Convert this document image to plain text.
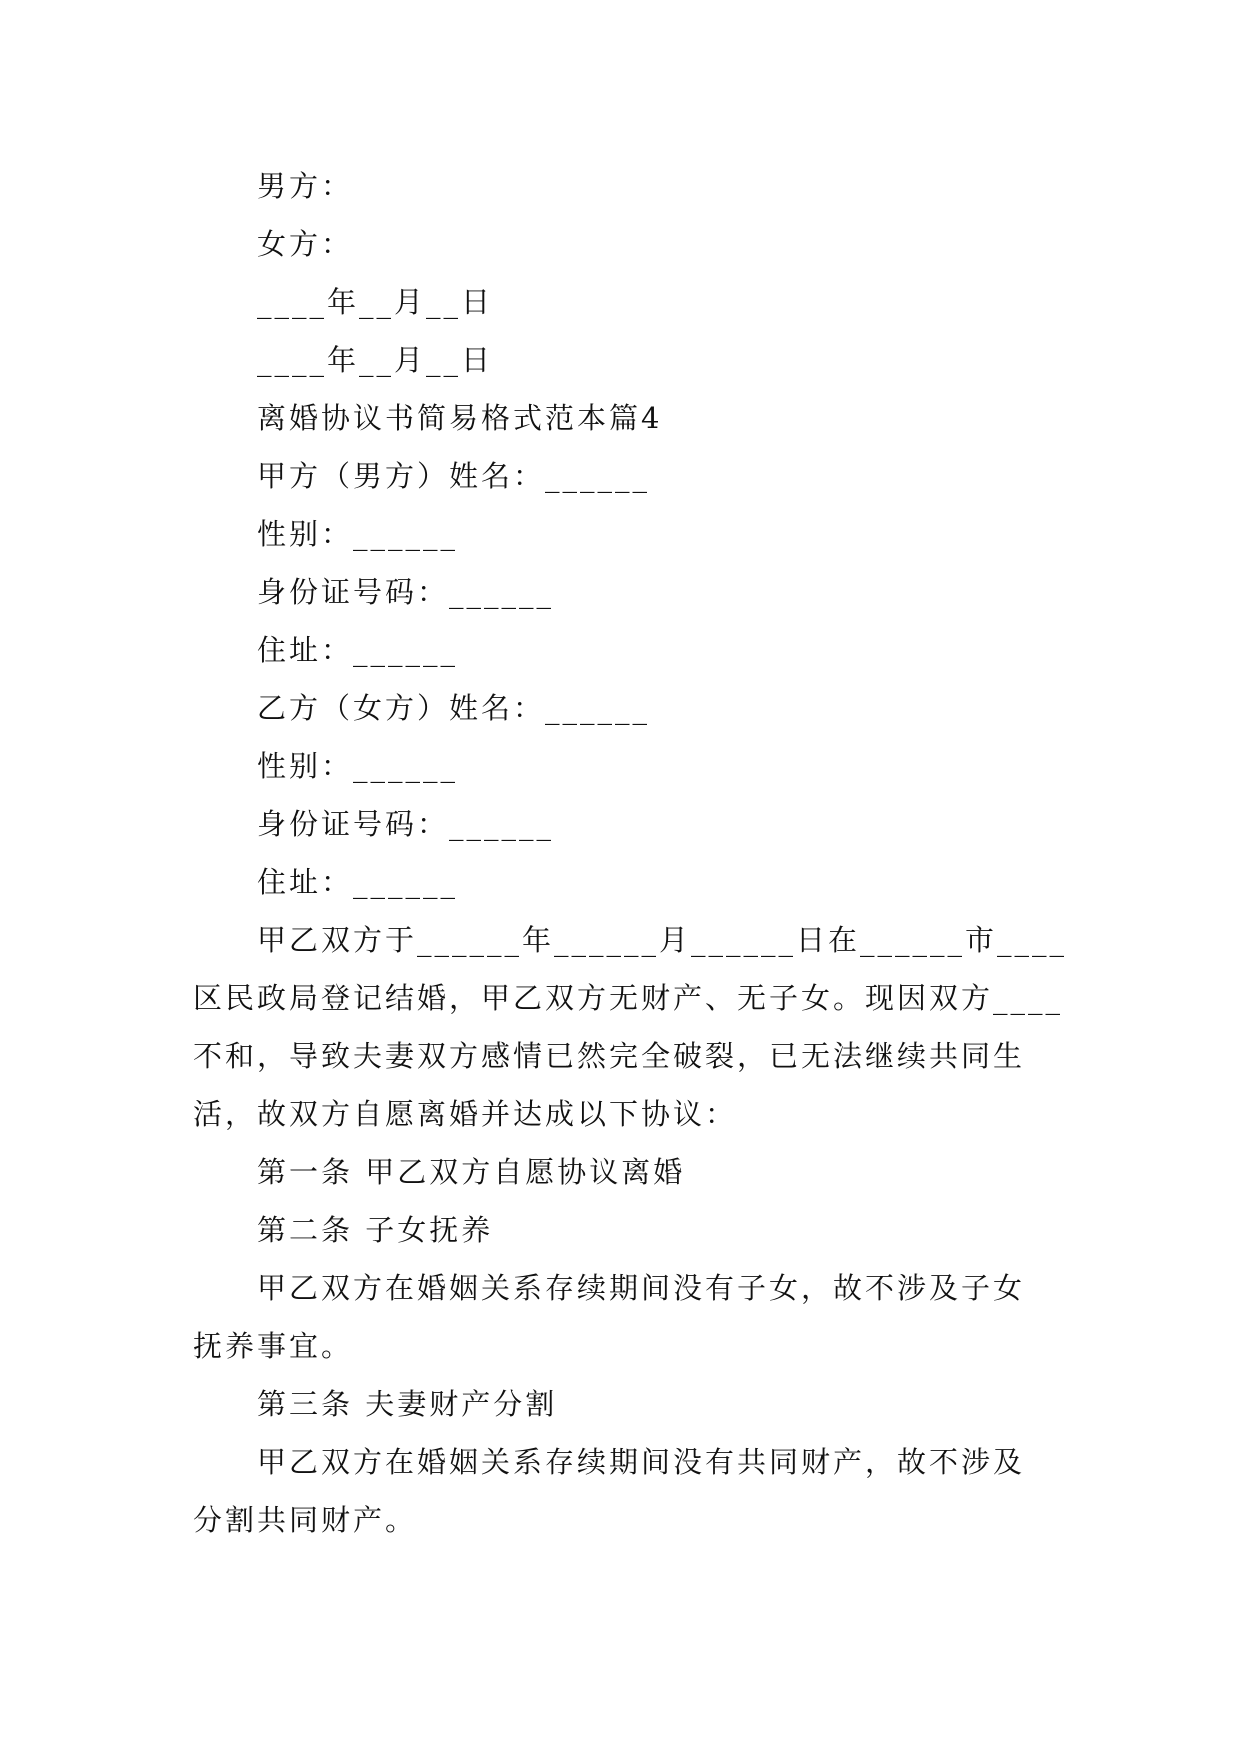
男方：
女方：
____年__月__日
____年__月__日
离婚协议书简易格式范本篇4
甲方（男方）姓名：______
性别：______
身份证号码：______
住址：______
乙方（女方）姓名：______
性别：______
身份证号码：______
住址：______
甲乙双方于______年______月______日在______市____
区民政局登记结婚，甲乙双方无财产、无子女。现因双方____
不和，导致夫妻双方感情已然完全破裂，已无法继续共同生
活，故双方自愿离婚并达成以下协议：
第一条 甲乙双方自愿协议离婚
第二条 子女抚养
甲乙双方在婚姻关系存续期间没有子女，故不涉及子女
抚养事宜。
第三条 夫妻财产分割
甲乙双方在婚姻关系存续期间没有共同财产，故不涉及
分割共同财产。
